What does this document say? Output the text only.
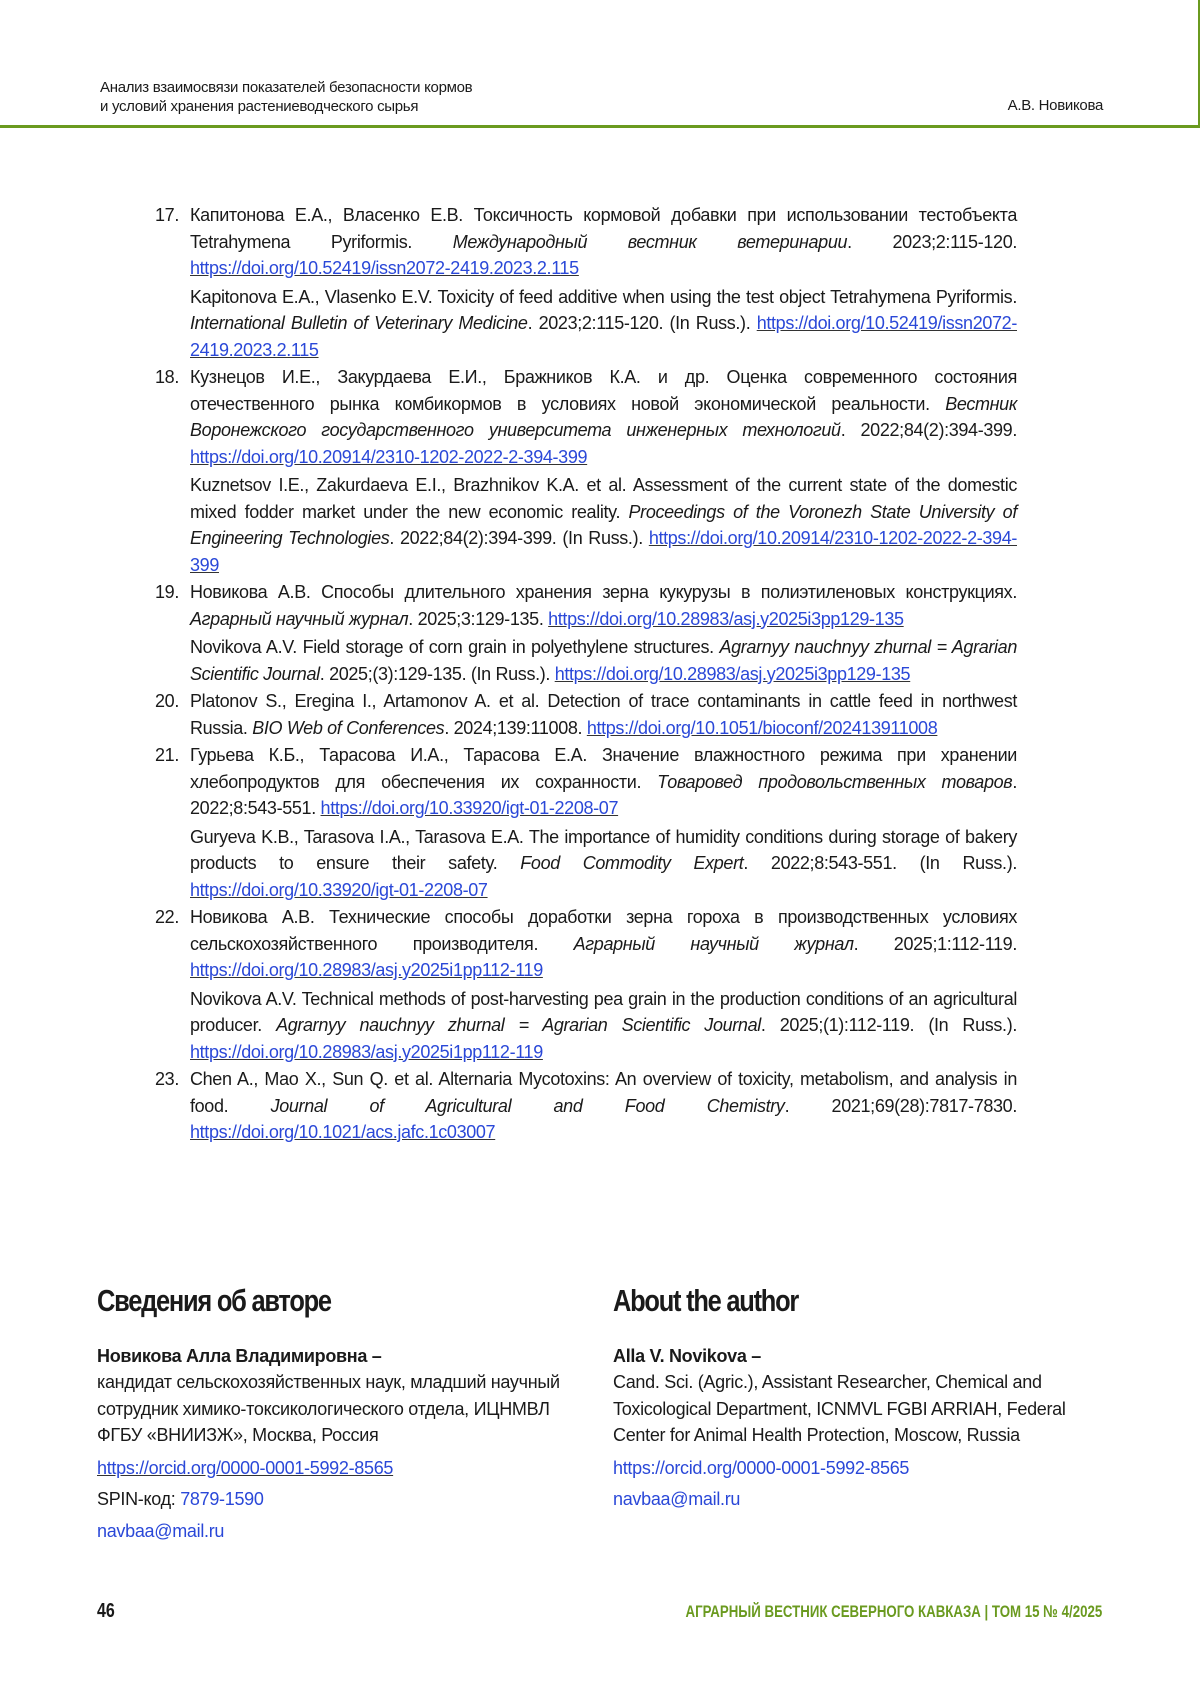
Анализ взаимосвязи показателей безопасности кормов
и условий хранения растениеводческого сырья	А.В. Новикова
17. Капитонова Е.А., Власенко Е.В. Токсичность кормовой добавки при использовании тестобъекта Tetrahymena Pyriformis. Международный вестник ветеринарии. 2023;2:115-120. https://doi.org/10.52419/issn2072-2419.2023.2.115

Kapitonova E.A., Vlasenko E.V. Toxicity of feed additive when using the test object Tetrahymena Pyriformis. International Bulletin of Veterinary Medicine. 2023;2:115-120. (In Russ.). https://doi.org/10.52419/issn2072-2419.2023.2.115

18. Кузнецов И.Е., Закурдаева Е.И., Бражников К.А. и др. Оценка современного состояния отечественного рынка комбикормов в условиях новой экономической реальности. Вестник Воронежского государственного университета инженерных технологий. 2022;84(2):394-399. https://doi.org/10.20914/2310-1202-2022-2-394-399

Kuznetsov I.E., Zakurdaeva E.I., Brazhnikov K.A. et al. Assessment of the current state of the domestic mixed fodder market under the new economic reality. Proceedings of the Voronezh State University of Engineering Technologies. 2022;84(2):394-399. (In Russ.). https://doi.org/10.20914/2310-1202-2022-2-394-399

19. Новикова А.В. Способы длительного хранения зерна кукурузы в полиэтиленовых конструкциях. Аграрный научный журнал. 2025;3:129-135. https://doi.org/10.28983/asj.y2025i3pp129-135

Novikova A.V. Field storage of corn grain in polyethylene structures. Agrarnyy nauchnyy zhurnal = Agrarian Scientific Journal. 2025;(3):129-135. (In Russ.). https://doi.org/10.28983/asj.y2025i3pp129-135

20. Platonov S., Eregina I., Artamonov A. et al. Detection of trace contaminants in cattle feed in northwest Russia. BIO Web of Conferences. 2024;139:11008. https://doi.org/10.1051/bioconf/202413911008

21. Гурьева К.Б., Тарасова И.А., Тарасова Е.А. Значение влажностного режима при хранении хлебопродуктов для обеспечения их сохранности. Товаровед продовольственных товаров. 2022;8:543-551. https://doi.org/10.33920/igt-01-2208-07

Guryeva K.B., Tarasova I.A., Tarasova E.A. The importance of humidity conditions during storage of bakery products to ensure their safety. Food Commodity Expert. 2022;8:543-551. (In Russ.). https://doi.org/10.33920/igt-01-2208-07

22. Новикова А.В. Технические способы доработки зерна гороха в производственных условиях сельскохозяйственного производителя. Аграрный научный журнал. 2025;1:112-119. https://doi.org/10.28983/asj.y2025i1pp112-119

Novikova A.V. Technical methods of post-harvesting pea grain in the production conditions of an agricultural producer. Agrarnyy nauchnyy zhurnal = Agrarian Scientific Journal. 2025;(1):112-119. (In Russ.). https://doi.org/10.28983/asj.y2025i1pp112-119

23. Chen A., Mao X., Sun Q. et al. Alternaria Mycotoxins: An overview of toxicity, metabolism, and analysis in food. Journal of Agricultural and Food Chemistry. 2021;69(28):7817-7830. https://doi.org/10.1021/acs.jafc.1c03007

Сведения об авторе
Новикова Алла Владимировна –

кандидат сельскохозяйственных наук, младший научный сотрудник химико-токсикологического отдела, ИЦНМВЛ ФГБУ «ВНИИЗЖ», Москва, Россия

https://orcid.org/0000-0001-5992-8565
SPIN-код: 7879-1590
navbaa@mail.ru
About the author
Alla V. Novikova –

Cand. Sci. (Agric.), Assistant Researcher, Chemical and Toxicological Department, ICNMVL FGBI ARRIAH, Federal Center for Animal Health Protection, Moscow, Russia

https://orcid.org/0000-0001-5992-8565
navbaa@mail.ru
46	АГРАРНЫЙ ВЕСТНИК СЕВЕРНОГО КАВКАЗА | ТОМ 15 № 4/2025
